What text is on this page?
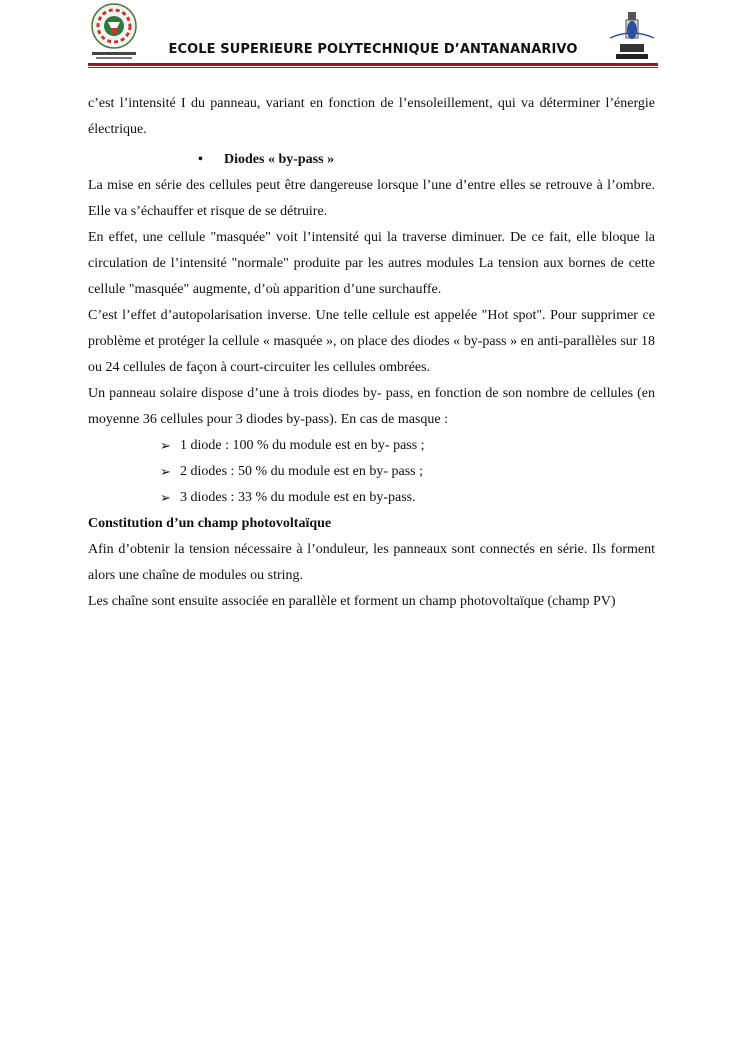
ECOLE SUPERIEURE POLYTECHNIQUE D’ANTANANARIVO

c’est l’intensité I du panneau, variant en fonction de l’ensoleillement, qui va déterminer l’énergie électrique.

• Diodes « by-pass »

La mise en série des cellules peut être dangereuse lorsque l’une d’entre elles se retrouve à l’ombre. Elle va s’échauffer et risque de se détruire.

En effet, une cellule "masquée" voit l’intensité qui la traverse diminuer. De ce fait, elle bloque la circulation de l’intensité "normale" produite par les autres modules La tension aux bornes de cette cellule "masquée" augmente, d’où apparition d’une surchauffe.

C’est l’effet d’autopolarisation inverse. Une telle cellule est appelée "Hot spot". Pour supprimer ce problème et protéger la cellule « masquée », on place des diodes « by-pass » en anti-parallèles sur 18 ou 24 cellules de façon à court-circuiter les cellules ombrées.

Un panneau solaire dispose d’une à trois diodes by- pass, en fonction de son nombre de cellules (en moyenne 36 cellules pour 3 diodes by-pass). En cas de masque :

➢ 1 diode : 100 % du module est en by- pass ;
➢ 2 diodes : 50 % du module est en by- pass ;
➢ 3 diodes : 33 % du module est en by-pass.

Constitution d’un champ photovoltaïque

Afin d’obtenir la tension nécessaire à l’onduleur, les panneaux sont connectés en série. Ils forment alors une chaîne de modules ou string.

Les chaîne sont ensuite associée en parallèle et forment un champ photovoltaïque (champ PV)
